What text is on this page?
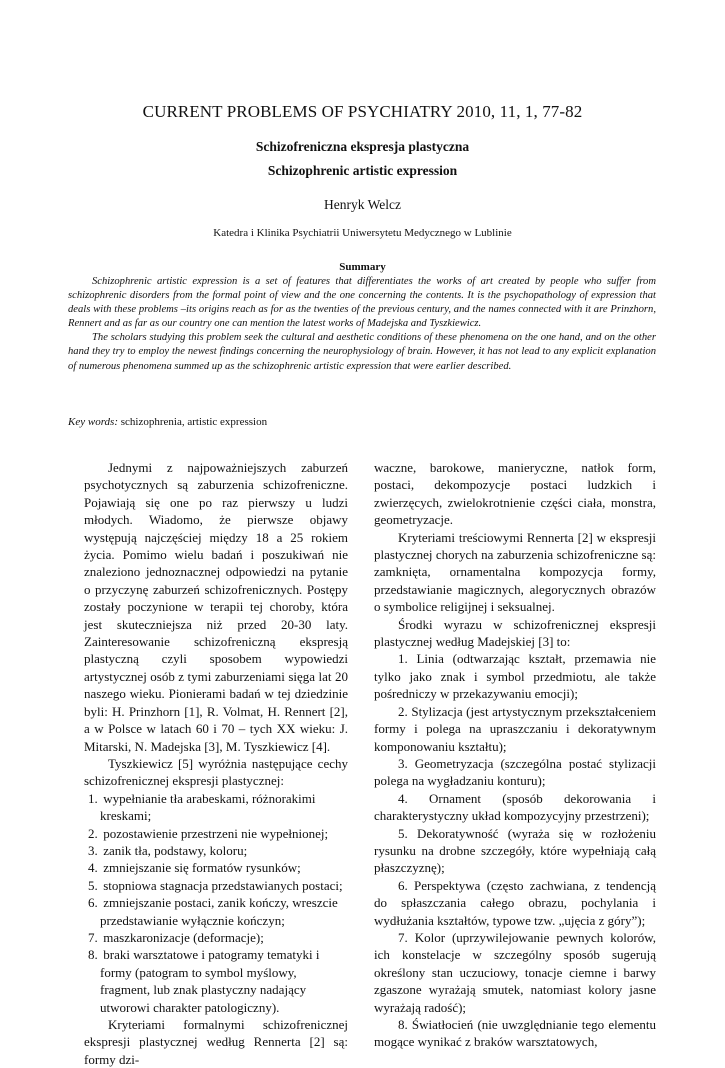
CURRENT PROBLEMS OF PSYCHIATRY 2010, 11, 1, 77-82
Schizofreniczna ekspresja plastyczna
Schizophrenic artistic expression
Henryk Welcz
Katedra i Klinika Psychiatrii Uniwersytetu Medycznego w Lublinie
Summary

Schizophrenic artistic expression is a set of features that differentiates the works of art created by people who suffer from schizophrenic disorders from the formal point of view and the one concerning the contents. It is the psychopathology of expression that deals with these problems –its origins reach as for as the twenties of the previous century, and the names connected with it are Prinzhorn, Rennert and as far as our country one can mention the latest works of Madejska and Tyszkiewicz.

The scholars studying this problem seek the cultural and aesthetic conditions of these phenomena on the one hand, and on the other hand they try to employ the newest findings concerning the neurophysiology of brain. However, it has not lead to any explicit explanation of numerous phenomena summed up as the schizophrenic artistic expression that were earlier described.

Key words: schizophrenia, artistic expression

Jednymi z najpoważniejszych zaburzeń psychotycznych są zaburzenia schizofreniczne. Pojawiają się one po raz pierwszy u ludzi młodych. Wiadomo, że pierwsze objawy występują najczęściej między 18 a 25 rokiem życia. Pomimo wielu badań i poszukiwań nie znaleziono jednoznacznej odpowiedzi na pytanie o przyczynę zaburzeń schizofrenicznych. Postępy zostały poczynione w terapii tej choroby, która jest skuteczniejsza niż przed 20-30 laty. Zainteresowanie schizofreniczną ekspresją plastyczną czyli sposobem wypowiedzi artystycznej osób z tymi zaburzeniami sięga lat 20 naszego wieku. Pionierami badań w tej dziedzinie byli: H. Prinzhorn [1], R. Volmat, H. Rennert [2], a w Polsce w latach 60 i 70 – tych XX wieku: J. Mitarski, N. Madejska [3], M. Tyszkiewicz [4].

Tyszkiewicz [5] wyróżnia następujące cechy schizofrenicznej ekspresji plastycznej:

1. wypełnianie tła arabeskami, różnorakimi kreskami;
2. pozostawienie przestrzeni nie wypełnionej;
3. zanik tła, podstawy, koloru;
4. zmniejszanie się formatów rysunków;
5. stopniowa stagnacja przedstawianych postaci;
6. zmniejszanie postaci, zanik kończy, wreszcie przedstawianie wyłącznie kończyn;
7. maszkaronizacje (deformacje);
8. braki warsztatowe i patogramy tematyki i formy (patogram to symbol myślowy, fragment, lub znak plastyczny nadający utworowi charakter patologiczny).

Kryteriami formalnymi schizofrenicznej ekspresji plastycznej według Rennerta [2] są: formy dzi-

waczne, barokowe, manieryczne, natłok form, postaci, dekompozycje postaci ludzkich i zwierzęcych, zwielokrotnienie części ciała, monstra, geometryzacje.

Kryteriami treściowymi Rennerta [2] w ekspresji plastycznej chorych na zaburzenia schizofreniczne są: zamknięta, ornamentalna kompozycja formy, przedstawianie magicznych, alegorycznych obrazów o symbolice religijnej i seksualnej.

Środki wyrazu w schizofrenicznej ekspresji plastycznej według Madejskiej [3] to:

1. Linia (odtwarzając kształt, przemawia nie tylko jako znak i symbol przedmiotu, ale także pośredniczy w przekazywaniu emocji);
2. Stylizacja (jest artystycznym przekształceniem formy i polega na upraszczaniu i dekoratywnym komponowaniu kształtu);
3. Geometryzacja (szczególna postać stylizacji polega na wygładzaniu konturu);
4. Ornament (sposób dekorowania i charakterystyczny układ kompozycyjny przestrzeni);
5. Dekoratywność (wyraża się w rozłożeniu rysunku na drobne szczegóły, które wypełniają całą płaszczyznę);
6. Perspektywa (często zachwiana, z tendencją do spłaszczania całego obrazu, pochylania i wydłużania kształtów, typowe tzw. „ujęcia z góry”);
7. Kolor (uprzywilejowanie pewnych kolorów, ich konstelacje w szczególny sposób sugerują określony stan uczuciowy, tonacje ciemne i barwy zgaszone wyrażają smutek, natomiast kolory jasne wyrażają radość);
8. Światłocień (nie uwzględnianie tego elementu mogące wynikać z braków warsztatowych,
